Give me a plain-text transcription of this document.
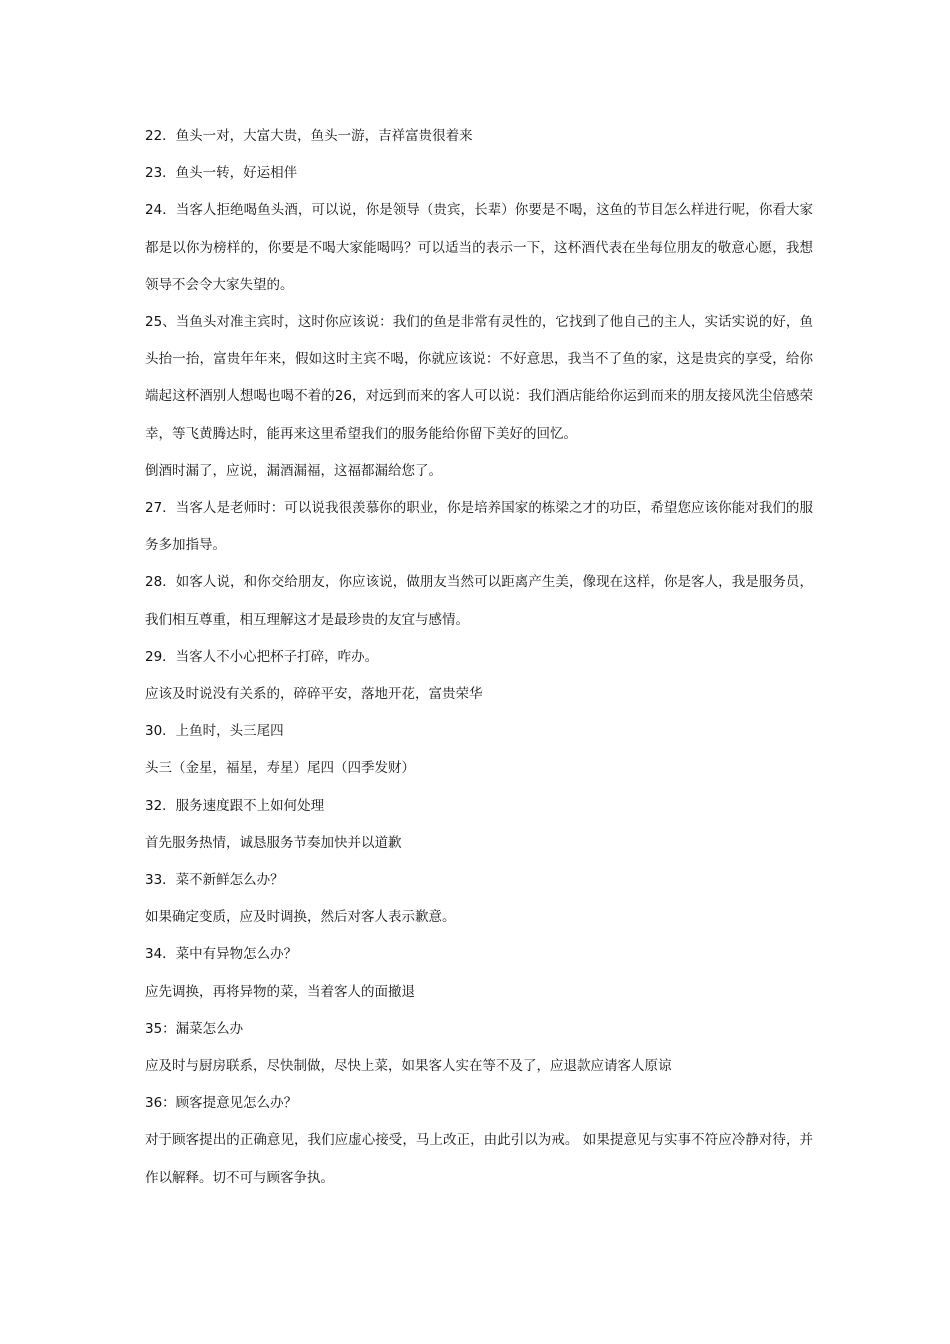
22．鱼头一对，大富大贵，鱼头一游，吉祥富贵很着来

23．鱼头一转，好运相伴

24．当客人拒绝喝鱼头酒，可以说，你是领导（贵宾，长辈）你要是不喝，这鱼的节目怎么样进行呢，你看大家都是以你为榜样的，你要是不喝大家能喝吗？可以适当的表示一下，这杯酒代表在坐每位朋友的敬意心愿，我想领导不会令大家失望的。

25、当鱼头对准主宾时，这时你应该说：我们的鱼是非常有灵性的，它找到了他自己的主人，实话实说的好，鱼头抬一抬，富贵年年来，假如这时主宾不喝，你就应该说：不好意思，我当不了鱼的家，这是贵宾的享受，给你端起这杯酒别人想喝也喝不着的26，对远到而来的客人可以说：我们酒店能给你运到而来的朋友接风洗尘倍感荣幸，等飞黄腾达时，能再来这里希望我们的服务能给你留下美好的回忆。

倒酒时漏了，应说，漏酒漏福，这福都漏给您了。

27．当客人是老师时：可以说我很羡慕你的职业，你是培养国家的栋梁之才的功臣，希望您应该你能对我们的服务多加指导。

28．如客人说，和你交给朋友，你应该说，做朋友当然可以距离产生美，像现在这样，你是客人，我是服务员，我们相互尊重，相互理解这才是最珍贵的友宜与感情。

29．当客人不小心把杯子打碎，咋办。

应该及时说没有关系的，碎碎平安，落地开花，富贵荣华

30．上鱼时，头三尾四

头三（金星，福星，寿星）尾四（四季发财）

32．服务速度跟不上如何处理

首先服务热情，诚恳服务节奏加快并以道歉

33．菜不新鲜怎么办？

如果确定变质，应及时调换，然后对客人表示歉意。

34．菜中有异物怎么办？

应先调换，再将异物的菜，当着客人的面撤退

35：漏菜怎么办

应及时与厨房联系，尽快制做，尽快上菜，如果客人实在等不及了，应退款应请客人原谅

36：顾客提意见怎么办？

对于顾客提出的正确意见，我们应虚心接受，马上改正，由此引以为戒。 如果提意见与实事不符应冷静对待，并作以解释。切不可与顾客争执。
